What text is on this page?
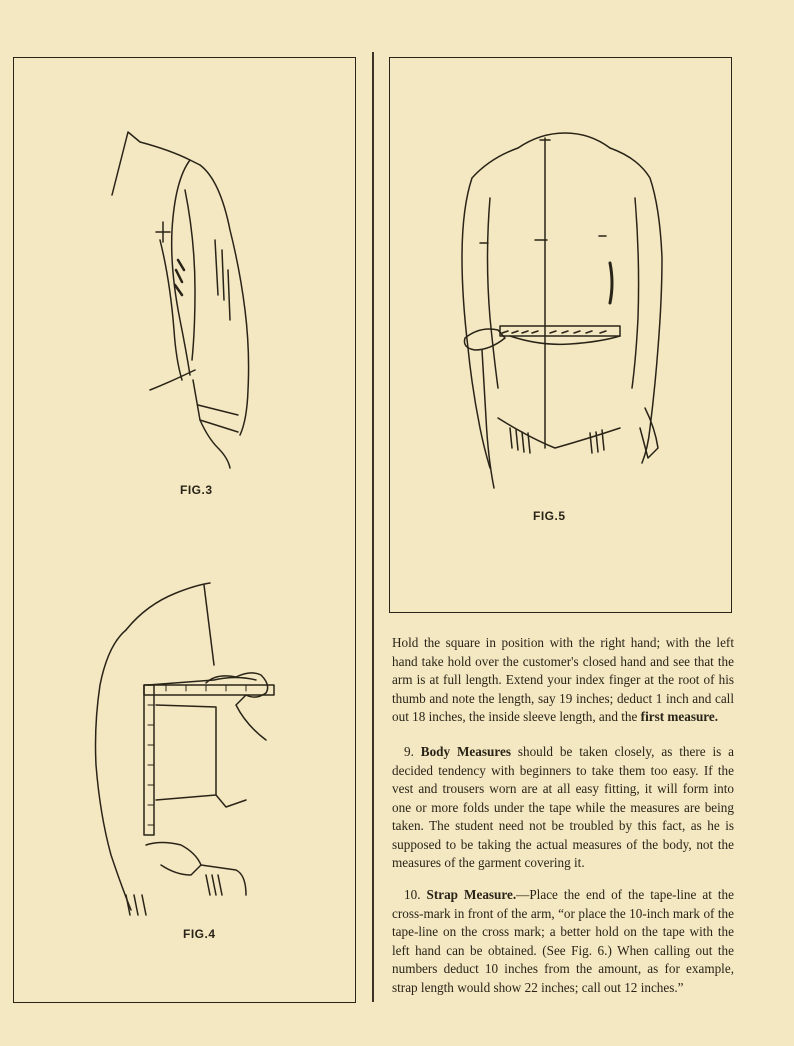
FIG.3
FIG.5
FIG.4

Hold the square in position with the right hand; with the left hand take hold over the customer's closed hand and see that the arm is at full length. Extend your index finger at the root of his thumb and note the length, say 19 inches; deduct 1 inch and call out 18 inches, the inside sleeve length, and the first measure.

9. Body Measures should be taken closely, as there is a decided tendency with beginners to take them too easy. If the vest and trousers worn are at all easy fitting, it will form into one or more folds under the tape while the measures are being taken. The student need not be troubled by this fact, as he is supposed to be taking the actual measures of the body, not the measures of the garment covering it.

10. Strap Measure.—Place the end of the tape-line at the cross-mark in front of the arm, “or place the 10-inch mark of the tape-line on the cross mark; a better hold on the tape with the left hand can be obtained. (See Fig. 6.) When calling out the numbers deduct 10 inches from the amount, as for example, strap length would show 22 inches; call out 12 inches.”
